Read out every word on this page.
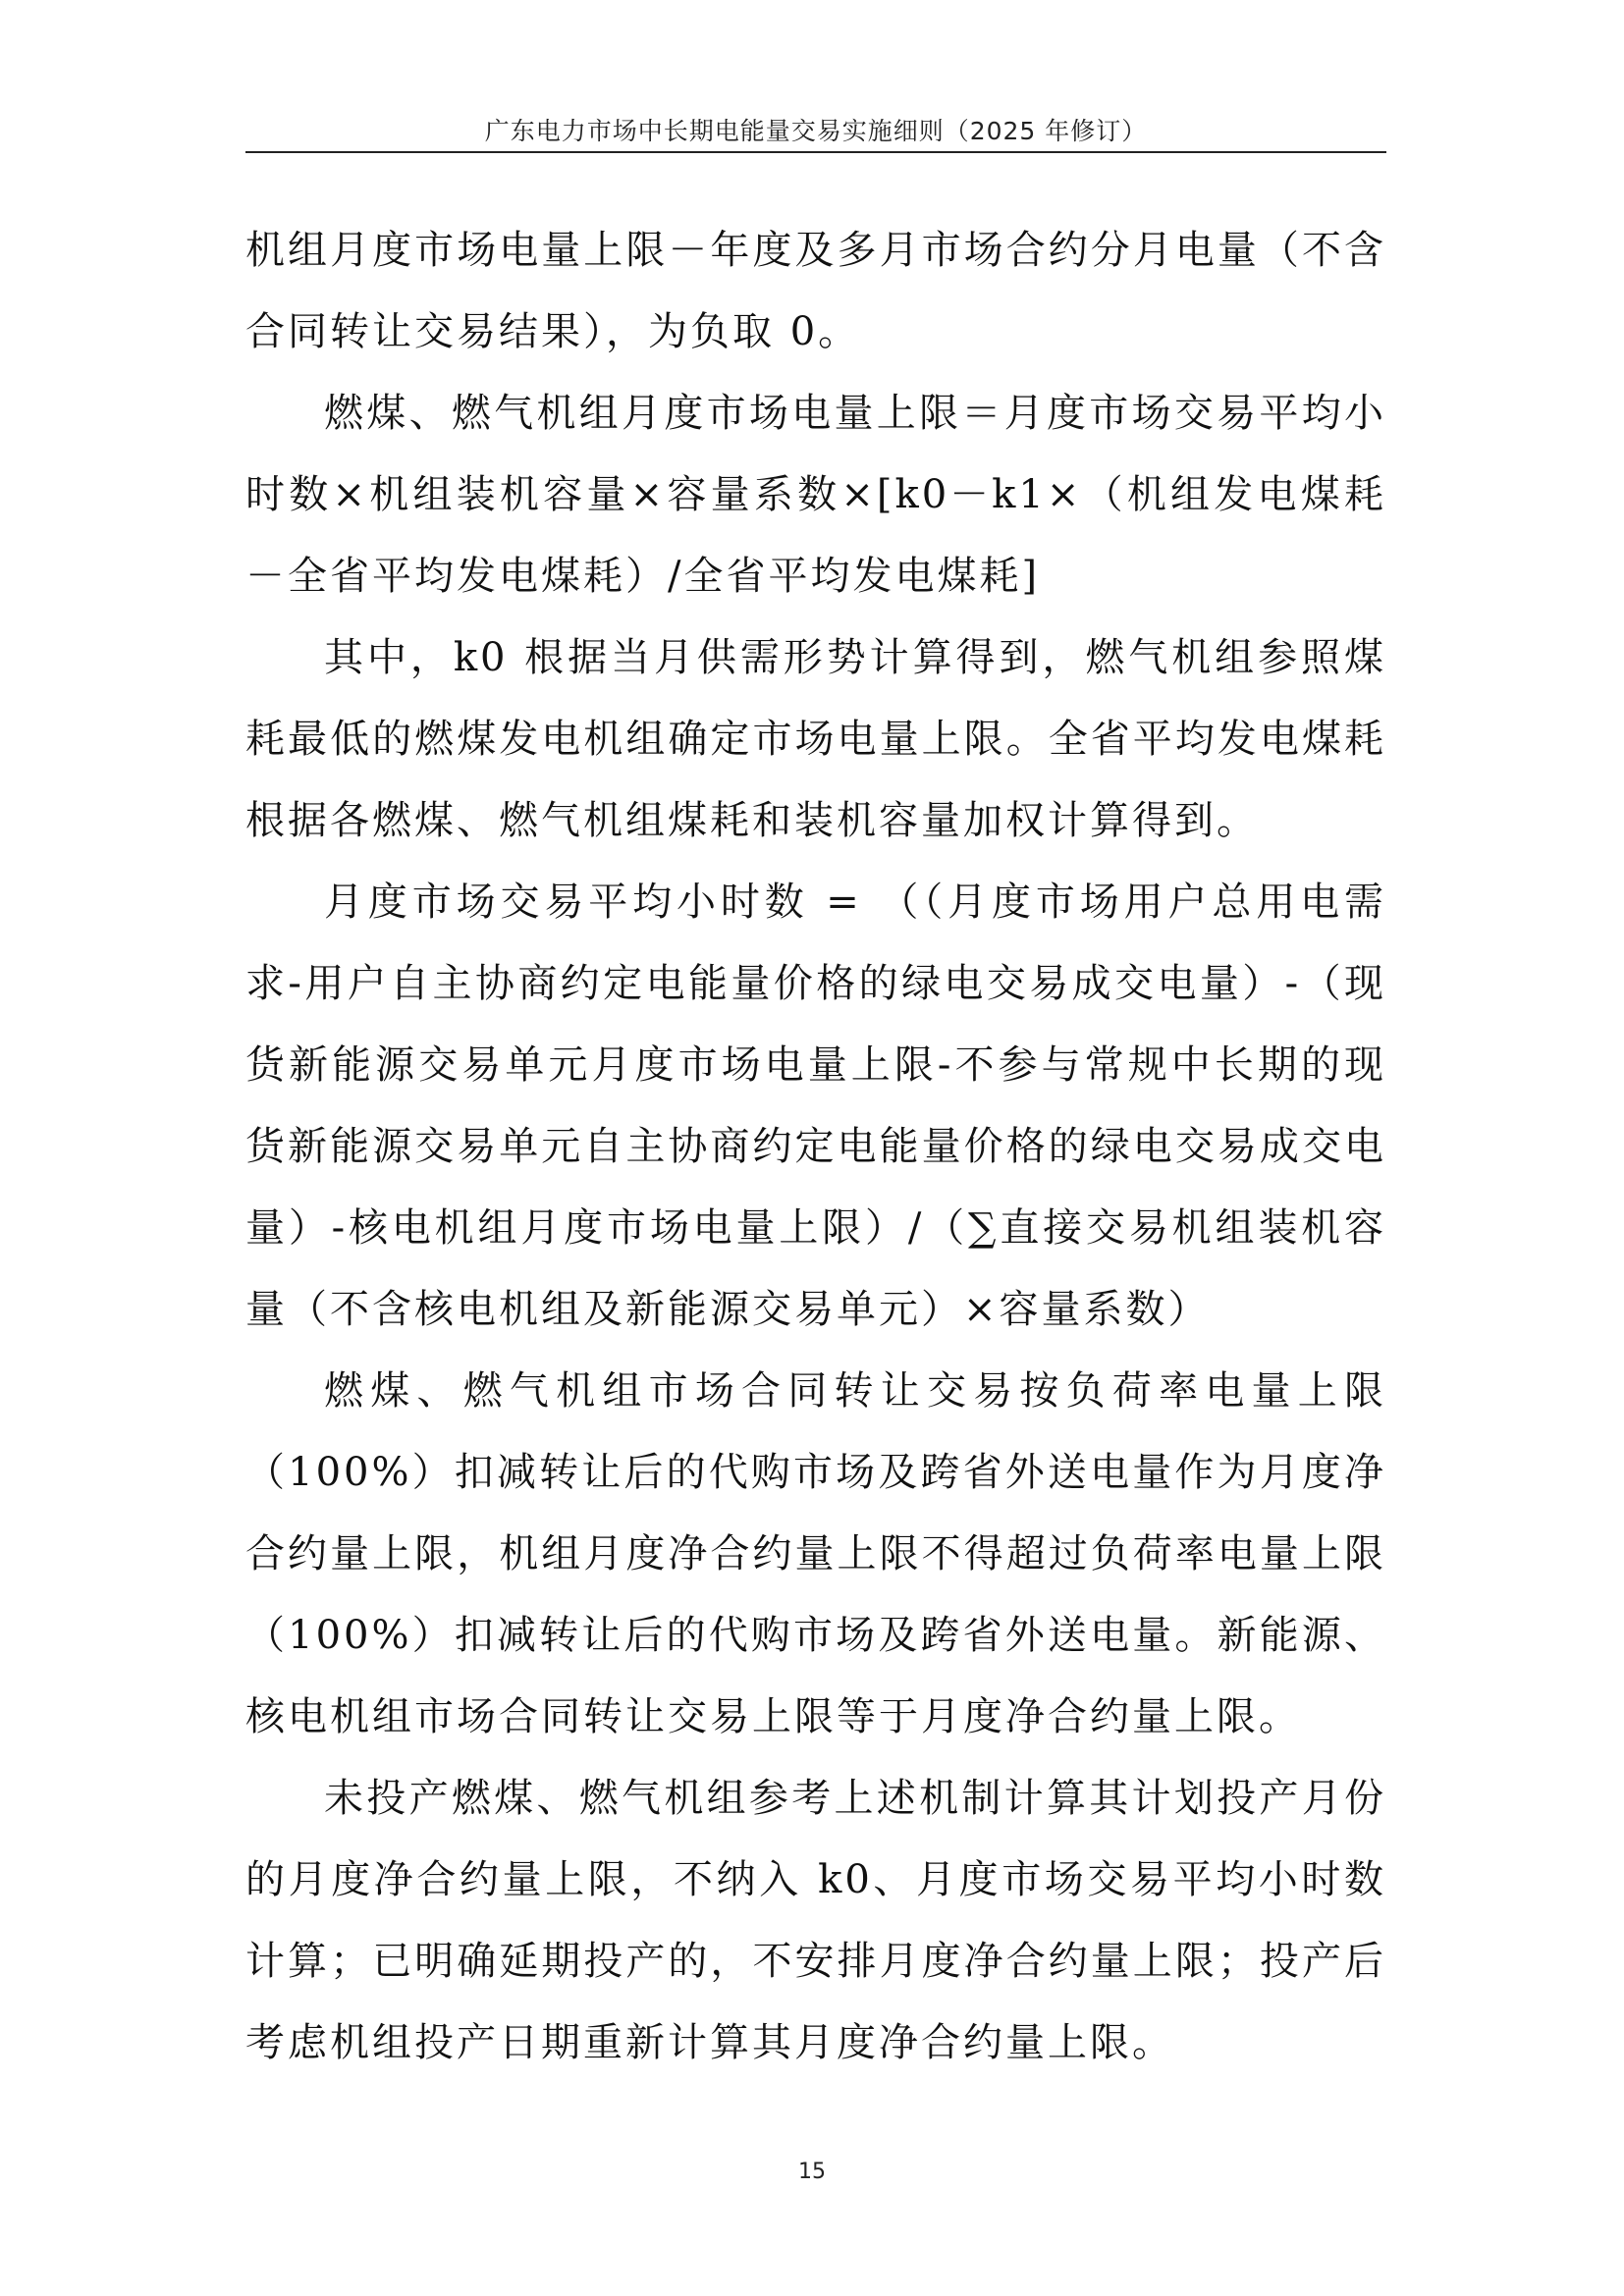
广东电力市场中长期电能量交易实施细则（2025 年修订）

机组月度市场电量上限－年度及多月市场合约分月电量（不含合同转让交易结果），为负取 0。

燃煤、燃气机组月度市场电量上限＝月度市场交易平均小时数×机组装机容量×容量系数×[k0－k1×（机组发电煤耗－全省平均发电煤耗）/全省平均发电煤耗]

其中，k0 根据当月供需形势计算得到，燃气机组参照煤耗最低的燃煤发电机组确定市场电量上限。全省平均发电煤耗根据各燃煤、燃气机组煤耗和装机容量加权计算得到。

月度市场交易平均小时数 = （（月度市场用户总用电需求-用户自主协商约定电能量价格的绿电交易成交电量）-（现货新能源交易单元月度市场电量上限-不参与常规中长期的现货新能源交易单元自主协商约定电能量价格的绿电交易成交电量）-核电机组月度市场电量上限）/（∑直接交易机组装机容量（不含核电机组及新能源交易单元）×容量系数）

燃煤、燃气机组市场合同转让交易按负荷率电量上限（100%）扣减转让后的代购市场及跨省外送电量作为月度净合约量上限，机组月度净合约量上限不得超过负荷率电量上限（100%）扣减转让后的代购市场及跨省外送电量。新能源、核电机组市场合同转让交易上限等于月度净合约量上限。

未投产燃煤、燃气机组参考上述机制计算其计划投产月份的月度净合约量上限，不纳入 k0、月度市场交易平均小时数计算；已明确延期投产的，不安排月度净合约量上限；投产后考虑机组投产日期重新计算其月度净合约量上限。

15
